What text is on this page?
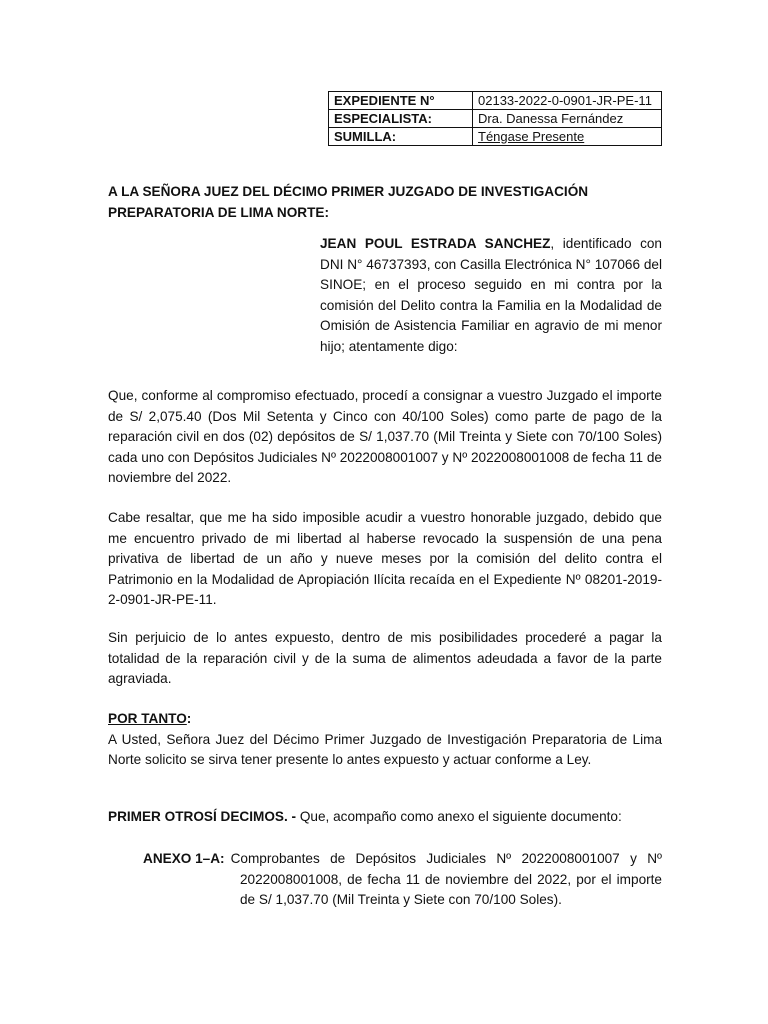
EXPEDIENTE N°	02133-2022-0-0901-JR-PE-11
ESPECIALISTA:	Dra. Danessa Fernández
SUMILLA:	Téngase Presente
A LA SEÑORA JUEZ DEL DÉCIMO PRIMER JUZGADO DE INVESTIGACIÓN PREPARATORIA DE LIMA NORTE:
JEAN POUL ESTRADA SANCHEZ, identificado con DNI N° 46737393, con Casilla Electrónica N° 107066 del SINOE; en el proceso seguido en mi contra por la comisión del Delito contra la Familia en la Modalidad de Omisión de Asistencia Familiar en agravio de mi menor hijo; atentamente digo:
Que, conforme al compromiso efectuado, procedí a consignar a vuestro Juzgado el importe de S/ 2,075.40 (Dos Mil Setenta y Cinco con 40/100 Soles) como parte de pago de la reparación civil en dos (02) depósitos de S/ 1,037.70 (Mil Treinta y Siete con 70/100 Soles) cada uno con Depósitos Judiciales Nº 2022008001007 y Nº 2022008001008 de fecha 11 de noviembre del 2022.
Cabe resaltar, que me ha sido imposible acudir a vuestro honorable juzgado, debido que me encuentro privado de mi libertad al haberse revocado la suspensión de una pena privativa de libertad de un año y nueve meses por la comisión del delito contra el Patrimonio en la Modalidad de Apropiación Ilícita recaída en el Expediente Nº 08201-2019-2-0901-JR-PE-11.
Sin perjuicio de lo antes expuesto, dentro de mis posibilidades procederé a pagar la totalidad de la reparación civil y de la suma de alimentos adeudada a favor de la parte agraviada.
POR TANTO:
A Usted, Señora Juez del Décimo Primer Juzgado de Investigación Preparatoria de Lima Norte solicito se sirva tener presente lo antes expuesto y actuar conforme a Ley.
PRIMER OTROSÍ DECIMOS. - Que, acompaño como anexo el siguiente documento:
ANEXO 1–A: Comprobantes de Depósitos Judiciales Nº 2022008001007 y Nº
2022008001008, de fecha 11 de noviembre del 2022, por el importe de S/ 1,037.70 (Mil Treinta y Siete con 70/100 Soles).
